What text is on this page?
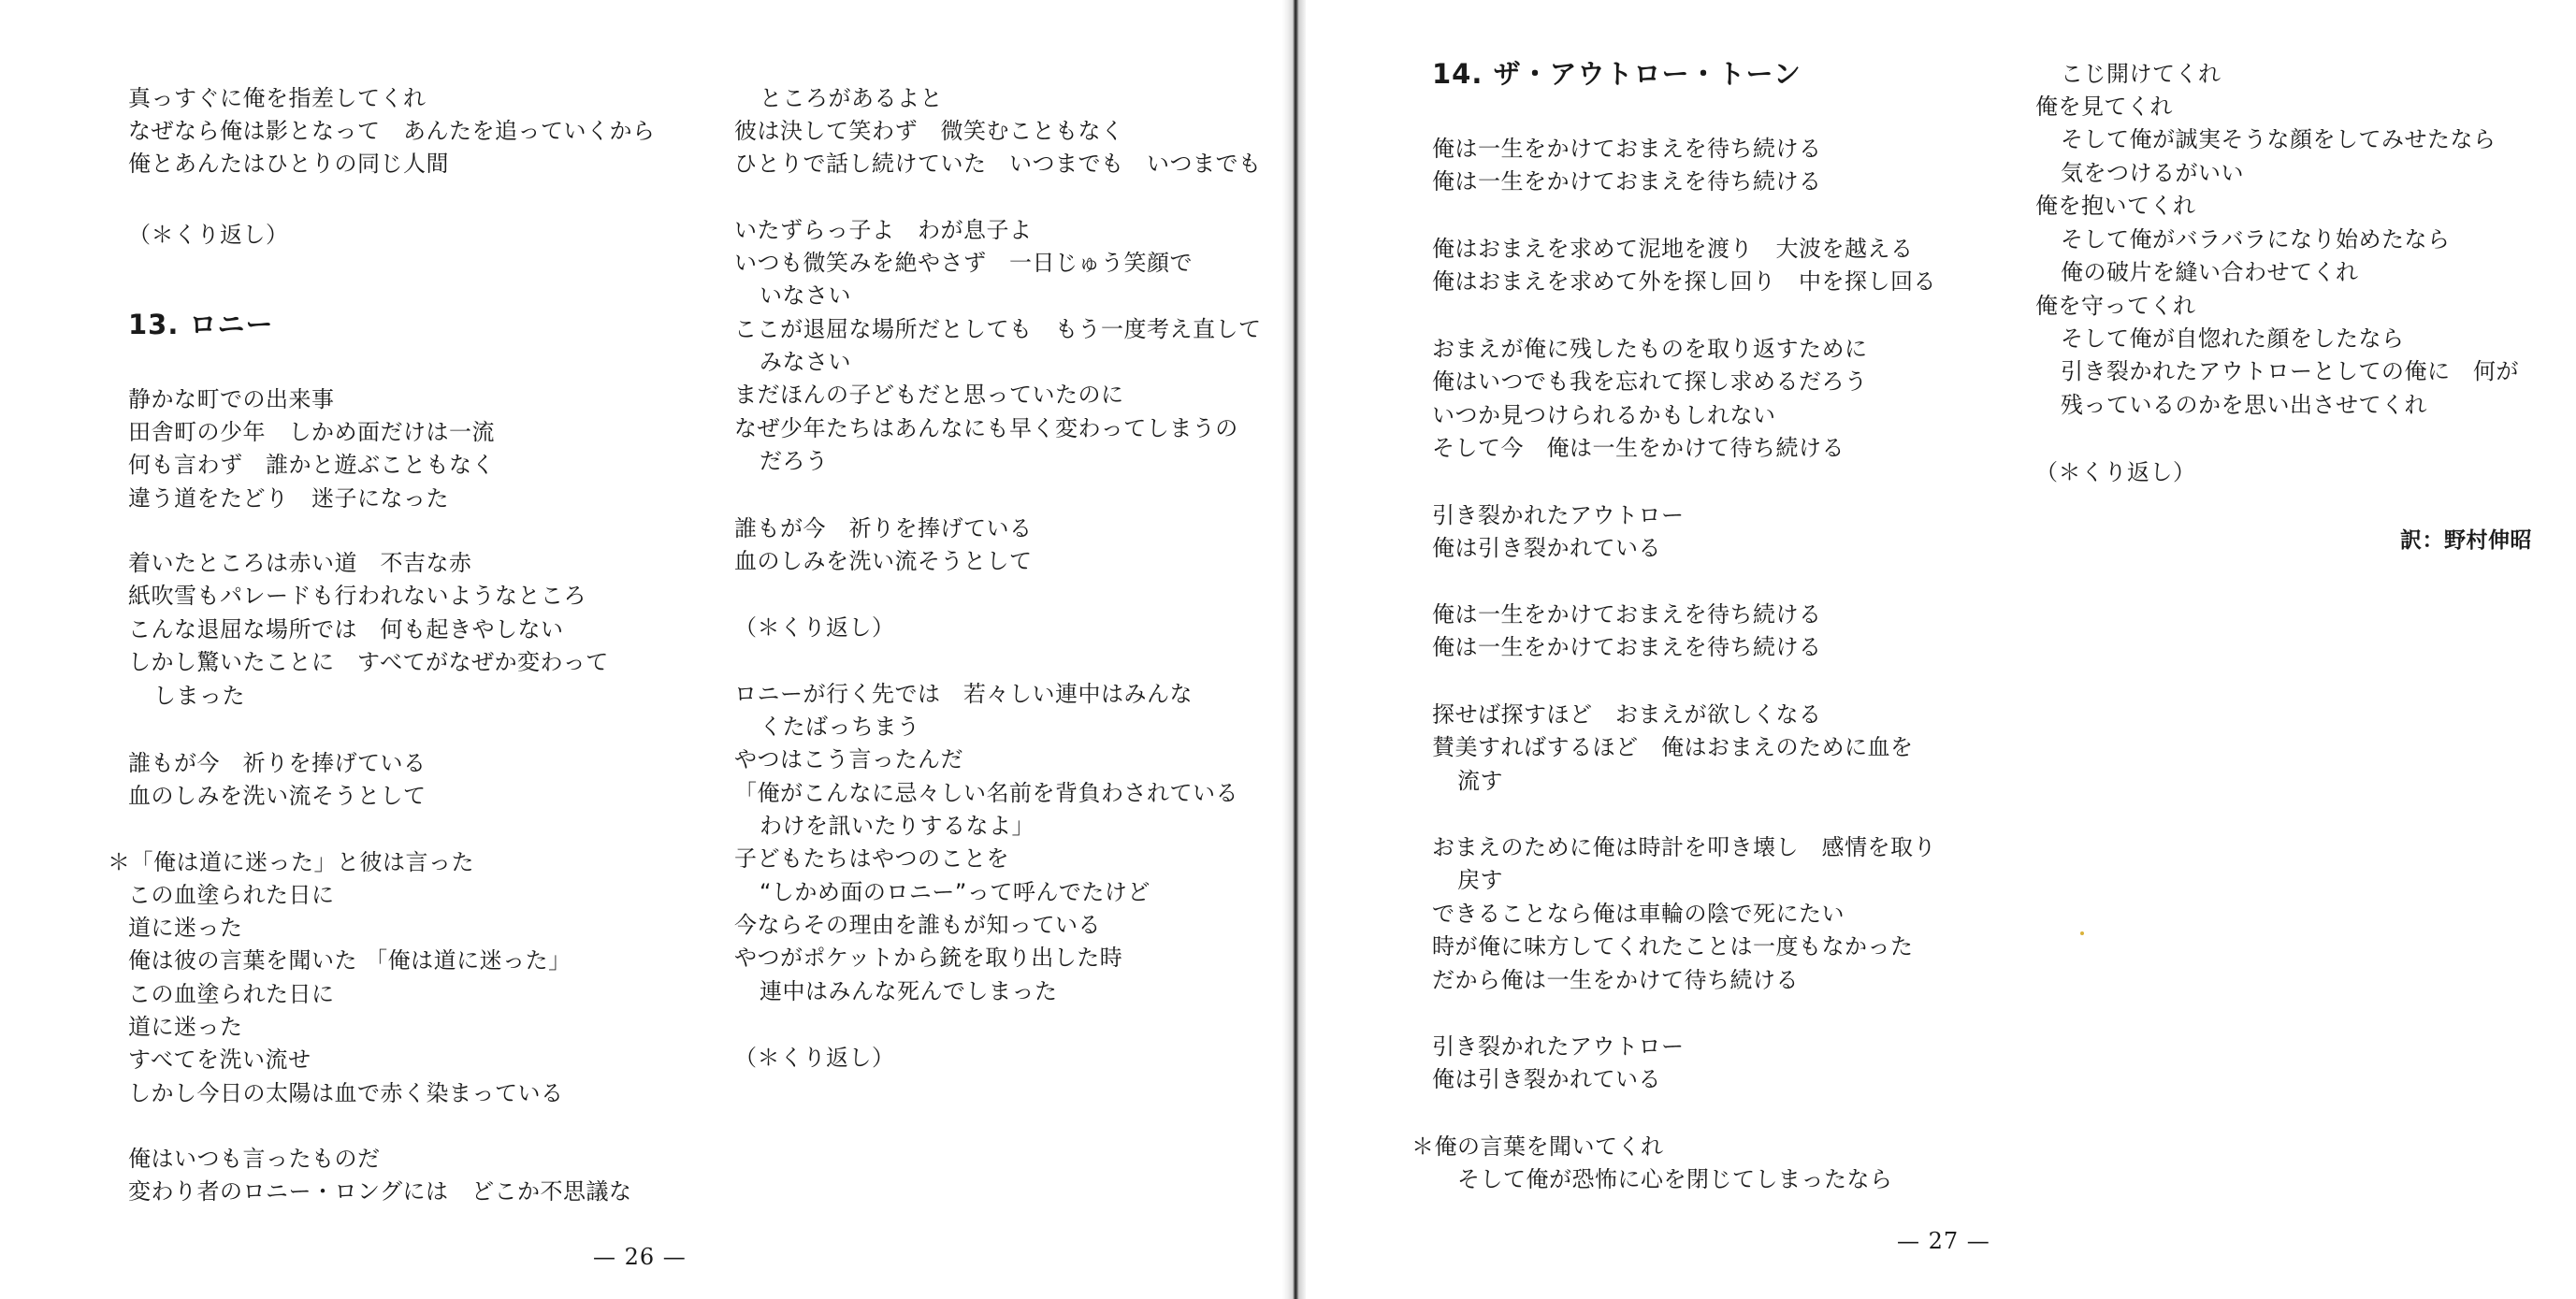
真っすぐに俺を指差してくれ
なぜなら俺は影となって　あんたを追っていくから
俺とあんたはひとりの同じ人間
（＊くり返し）
13. ロニー
静かな町での出来事
田舎町の少年　しかめ面だけは一流
何も言わず　誰かと遊ぶこともなく
違う道をたどり　迷子になった
着いたところは赤い道　不吉な赤
紙吹雪もパレードも行われないようなところ
こんな退屈な場所では　何も起きやしない
しかし驚いたことに　すべてがなぜか変わって
しまった
誰もが今　祈りを捧げている
血のしみを洗い流そうとして
＊「俺は道に迷った」と彼は言った
この血塗られた日に
道に迷った
俺は彼の言葉を聞いた 「俺は道に迷った」
この血塗られた日に
道に迷った
すべてを洗い流せ
しかし今日の太陽は血で赤く染まっている
俺はいつも言ったものだ
変わり者のロニー・ロングには　どこか不思議な
ところがあるよと
彼は決して笑わず　微笑むこともなく
ひとりで話し続けていた　いつまでも　いつまでも
いたずらっ子よ　わが息子よ
いつも微笑みを絶やさず　一日じゅう笑顔で
いなさい
ここが退屈な場所だとしても　もう一度考え直して
みなさい
まだほんの子どもだと思っていたのに
なぜ少年たちはあんなにも早く変わってしまうの
だろう
誰もが今　祈りを捧げている
血のしみを洗い流そうとして
（＊くり返し）
ロニーが行く先では　若々しい連中はみんな
くたばっちまう
やつはこう言ったんだ
「俺がこんなに忌々しい名前を背負わされている
わけを訊いたりするなよ」
子どもたちはやつのことを
“しかめ面のロニー”って呼んでたけど
今ならその理由を誰もが知っている
やつがポケットから銃を取り出した時
連中はみんな死んでしまった
（＊くり返し）
— 26 —
14. ザ・アウトロー・トーン
俺は一生をかけておまえを待ち続ける
俺は一生をかけておまえを待ち続ける
俺はおまえを求めて泥地を渡り　大波を越える
俺はおまえを求めて外を探し回り　中を探し回る
おまえが俺に残したものを取り返すために
俺はいつでも我を忘れて探し求めるだろう
いつか見つけられるかもしれない
そして今　俺は一生をかけて待ち続ける
引き裂かれたアウトロー
俺は引き裂かれている
俺は一生をかけておまえを待ち続ける
俺は一生をかけておまえを待ち続ける
探せば探すほど　おまえが欲しくなる
賛美すればするほど　俺はおまえのために血を
流す
おまえのために俺は時計を叩き壊し　感情を取り
戻す
できることなら俺は車輪の陰で死にたい
時が俺に味方してくれたことは一度もなかった
だから俺は一生をかけて待ち続ける
引き裂かれたアウトロー
俺は引き裂かれている
＊俺の言葉を聞いてくれ
そして俺が恐怖に心を閉じてしまったなら
こじ開けてくれ
俺を見てくれ
そして俺が誠実そうな顔をしてみせたなら
気をつけるがいい
俺を抱いてくれ
そして俺がバラバラになり始めたなら
俺の破片を縫い合わせてくれ
俺を守ってくれ
そして俺が自惚れた顔をしたなら
引き裂かれたアウトローとしての俺に　何が
残っているのかを思い出させてくれ
（＊くり返し）
訳：野村伸昭
— 27 —
